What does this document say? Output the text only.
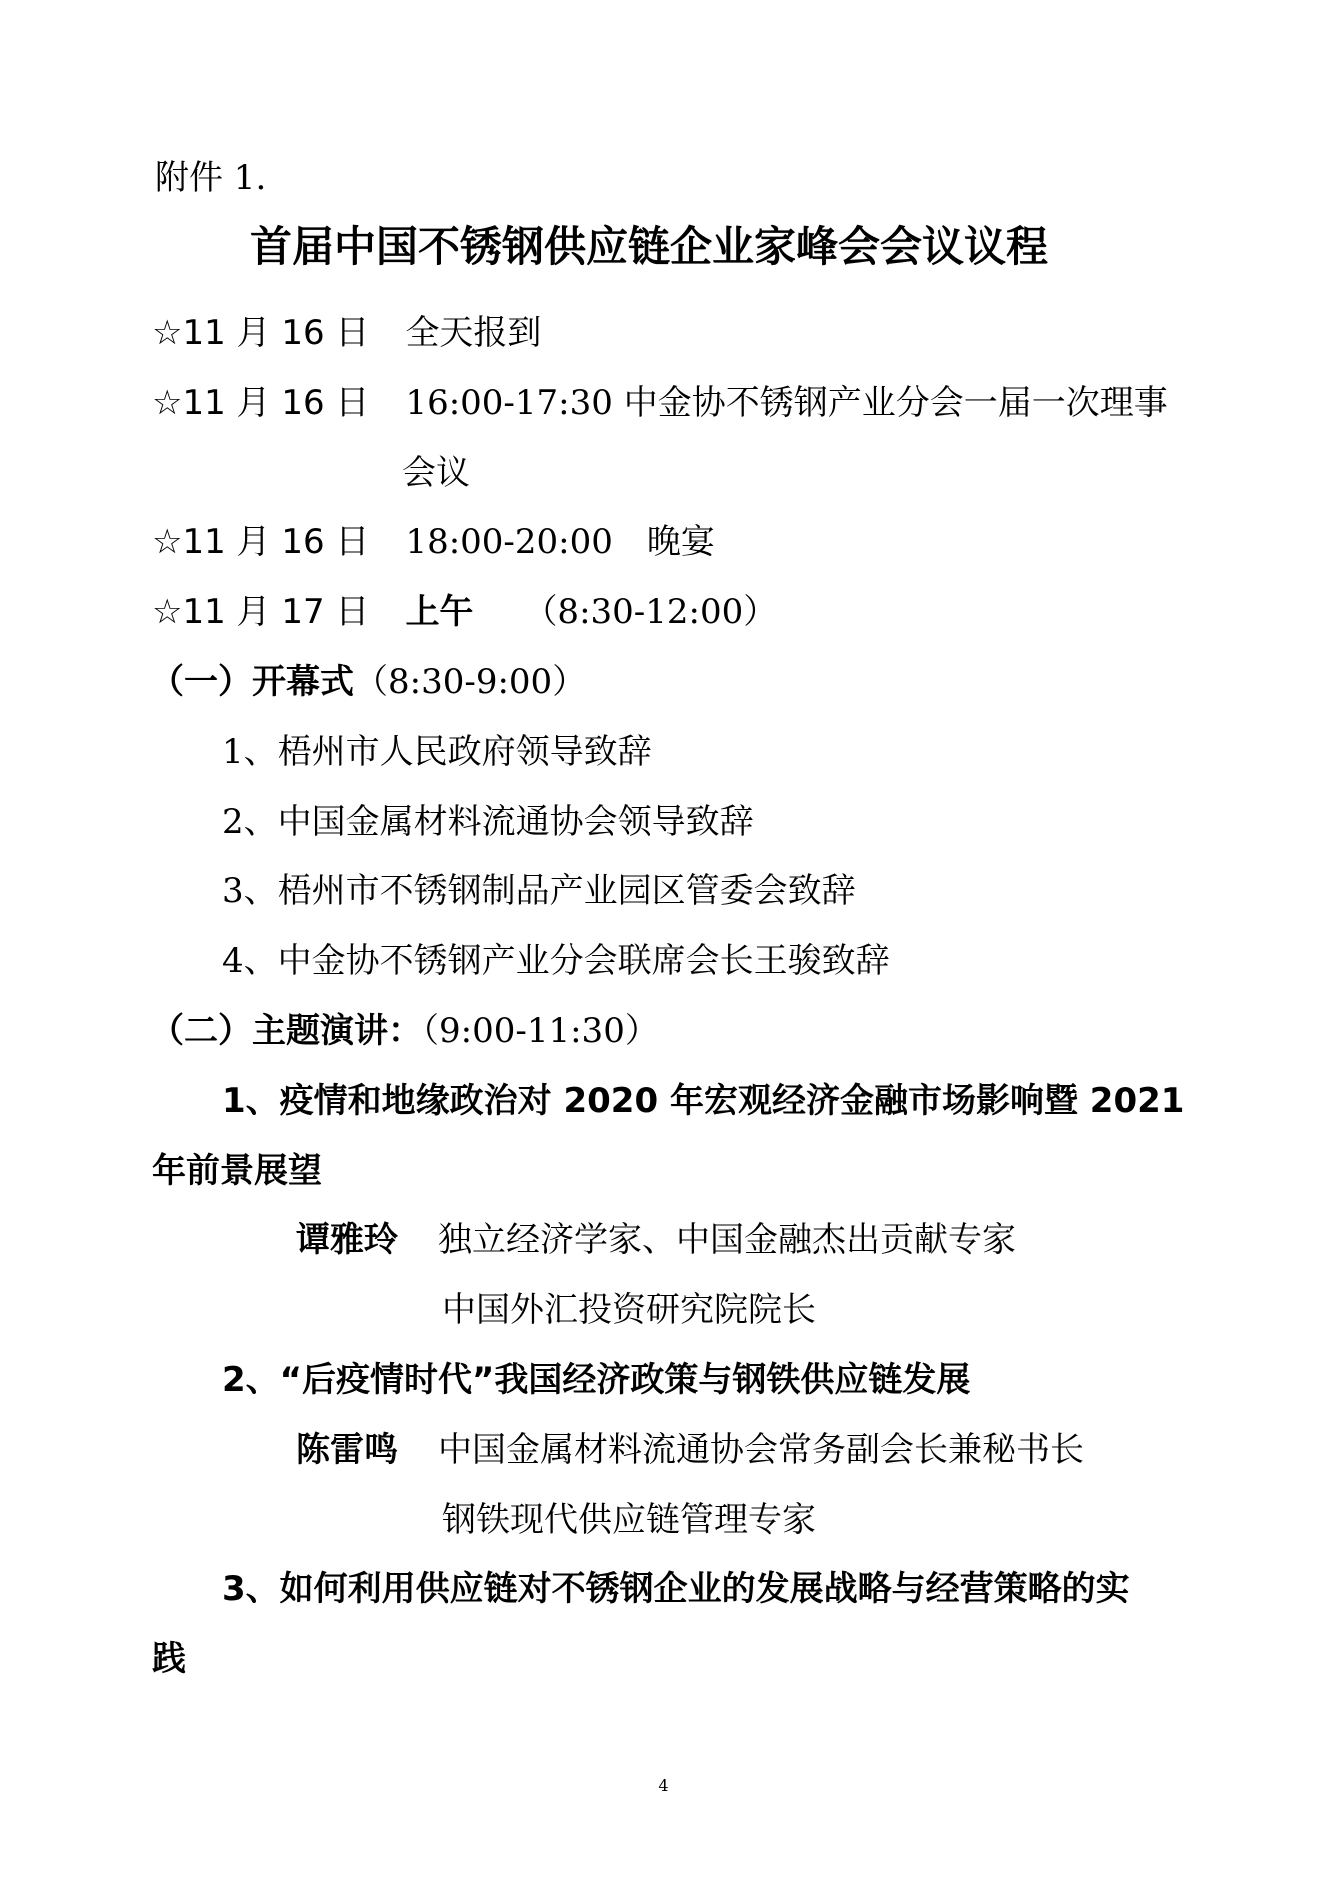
附件 1.
首届中国不锈钢供应链企业家峰会会议议程
☆11 月 16 日 全天报到
☆11 月 16 日 16:00-17:30 中金协不锈钢产业分会一届一次理事
会议
☆11 月 16 日 18:00-20:00　晚宴
☆11 月 17 日 上午 （8:30-12:00）
（一）开幕式（8:30-9:00）
1、梧州市人民政府领导致辞
2、中国金属材料流通协会领导致辞
3、梧州市不锈钢制品产业园区管委会致辞
4、中金协不锈钢产业分会联席会长王骏致辞
（二）主题演讲：（9:00-11:30）
1、疫情和地缘政治对 2020 年宏观经济金融市场影响暨 2021
年前景展望
谭雅玲 独立经济学家、中国金融杰出贡献专家
中国外汇投资研究院院长
2、“后疫情时代”我国经济政策与钢铁供应链发展
陈雷鸣 中国金属材料流通协会常务副会长兼秘书长
钢铁现代供应链管理专家
3、如何利用供应链对不锈钢企业的发展战略与经营策略的实
践
4
